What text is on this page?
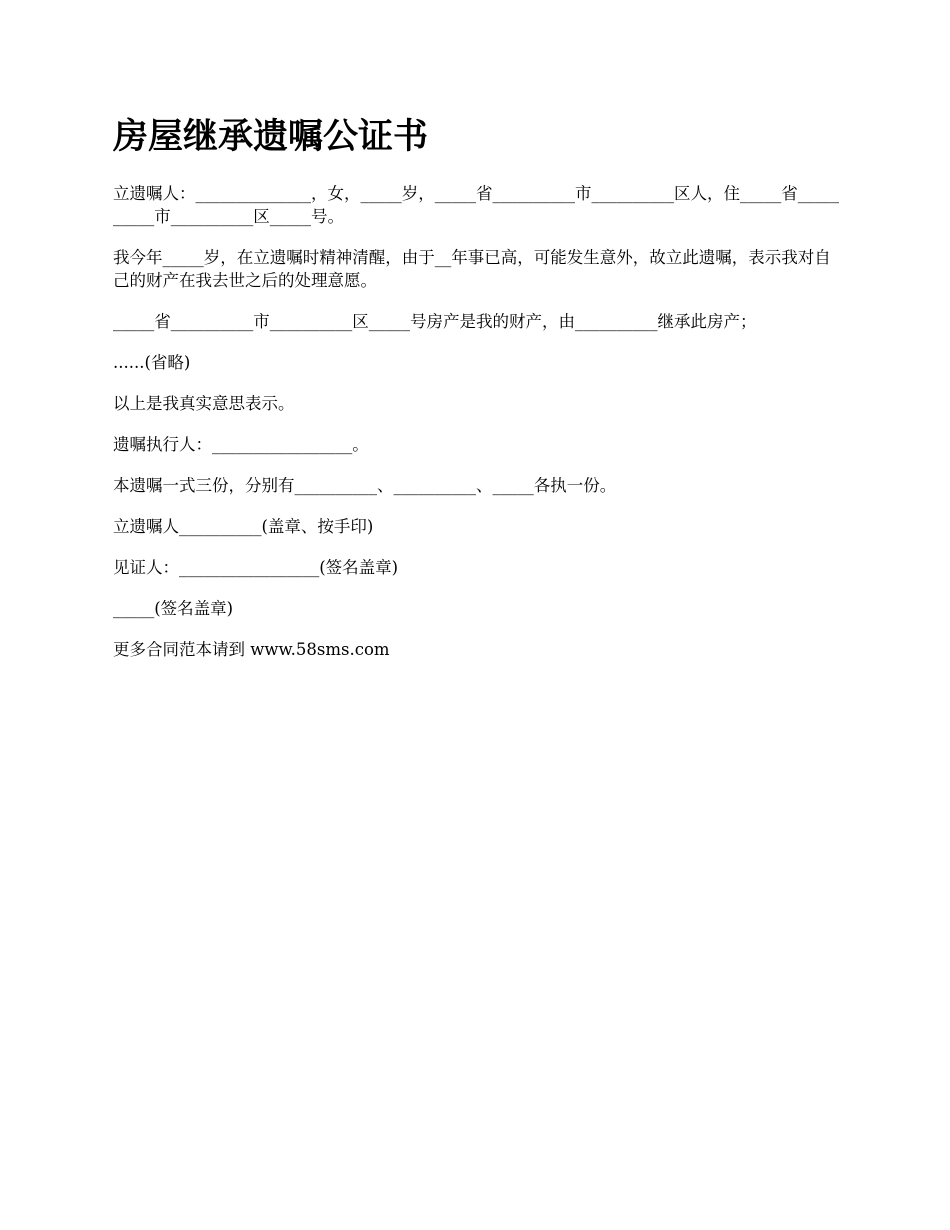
房屋继承遗嘱公证书

立遗嘱人：______________，女，_____岁，_____省__________市__________区人，住_____省__________市__________区_____号。

我今年_____岁，在立遗嘱时精神清醒，由于__年事已高，可能发生意外，故立此遗嘱，表示我对自己的财产在我去世之后的处理意愿。

_____省__________市__________区_____号房产是我的财产，由__________继承此房产；

......(省略)

以上是我真实意思表示。

遗嘱执行人：_________________。

本遗嘱一式三份，分别有__________、__________、_____各执一份。

立遗嘱人__________(盖章、按手印)

见证人：_________________(签名盖章)

_____(签名盖章)

更多合同范本请到 www.58sms.com
